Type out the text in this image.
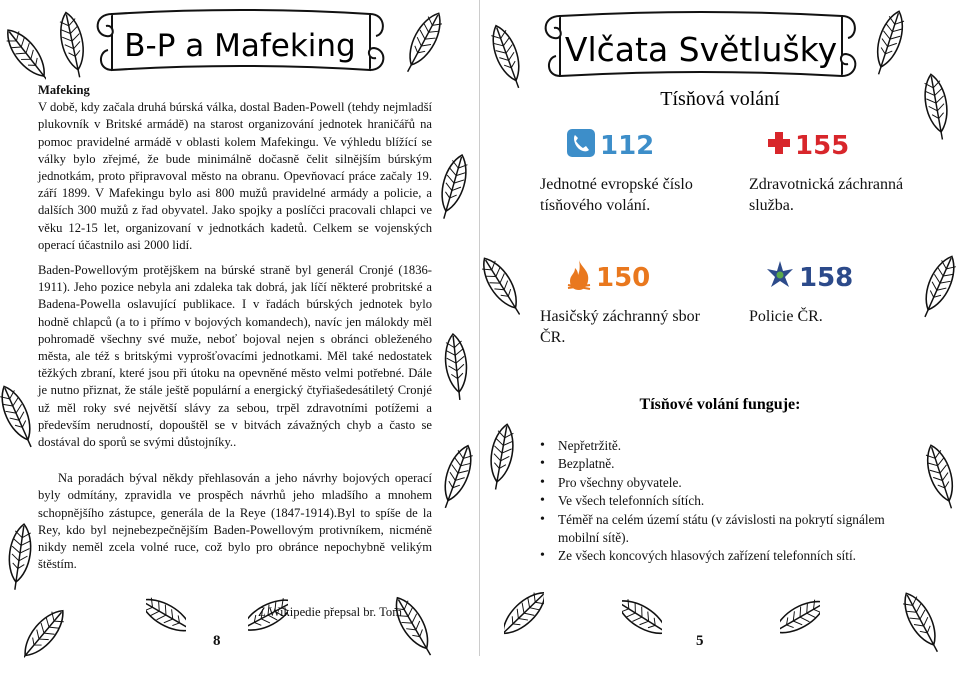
B-P a Mafeking

Mafeking

V době, kdy začala druhá búrská válka, dostal Baden-Powell (tehdy nejmladší plukovník v Britské armádě) na starost organizování jednotek hraničářů na pomoc pravidelné armádě v oblasti kolem Mafekingu. Ve výhledu blížící se války bylo zřejmé, že bude minimálně dočasně čelit silnějším búrským jednotkám, proto připravoval město na obranu. Opevňovací práce začaly 19. září 1899. V Mafekingu bylo asi 800 mužů pravidelné armády a policie, a dalších 300 mužů z řad obyvatel. Jako spojky a poslíčci pracovali chlapci ve věku 12-15 let, organizovaní v jednotkách kadetů. Celkem se vojenských operací účastnilo asi 2000 lidí.

Baden-Powellovým protějškem na búrské straně byl generál Cronjé (1836-1911). Jeho pozice nebyla ani zdaleka tak dobrá, jak líčí některé probritské a Badena-Powella oslavující publikace. I v řadách búrských jednotek bylo hodně chlapců (a to i přímo v bojových komandech), navíc jen málokdy měl pohromadě všechny své muže, neboť bojoval nejen s obránci obleženého města, ale též s britskými vyprošťovacími jednotkami. Měl také nedostatek těžkých zbraní, které jsou při útoku na opevněné město velmi potřebné. Dále je nutno přiznat, že stále ještě populární a energický čtyřiašedesátiletý Cronjé už měl roky své největší slávy za sebou, trpěl zdravotními potížemi a především nerudností, dopouštěl se v bitvách závažných chyb a často se dostával do sporů se svými důstojníky..

Na poradách býval někdy přehlasován a jeho návrhy bojových operací byly odmítány, zpravidla ve prospěch návrhů jeho mladšího a mnohem schopnějšího zástupce, generála de la Reye (1847-1914).Byl to spíše de la Rey, kdo byl nejnebezpečnějším Baden-Powellovým protivníkem, nicméně nikdy neměl zcela volné ruce, což bylo pro obránce nepochybně velikým štěstím.

Z Wikipedie přepsal br. Tom
8
Vlčata Světlušky
Tísňová volání
112
Jednotné evropské číslo tísňového volání.
155
Zdravotnická záchranná služba.
150
Hasičský záchranný sbor ČR.
158
Policie ČR.
Tísňové volání funguje:
• Nepřetržitě.
• Bezplatně.
• Pro všechny obyvatele.
• Ve všech telefonních sítích.
• Téměř na celém území státu (v závislosti na pokrytí signálem mobilní sítě).
• Ze všech koncových hlasových zařízení telefonních sítí.
5
